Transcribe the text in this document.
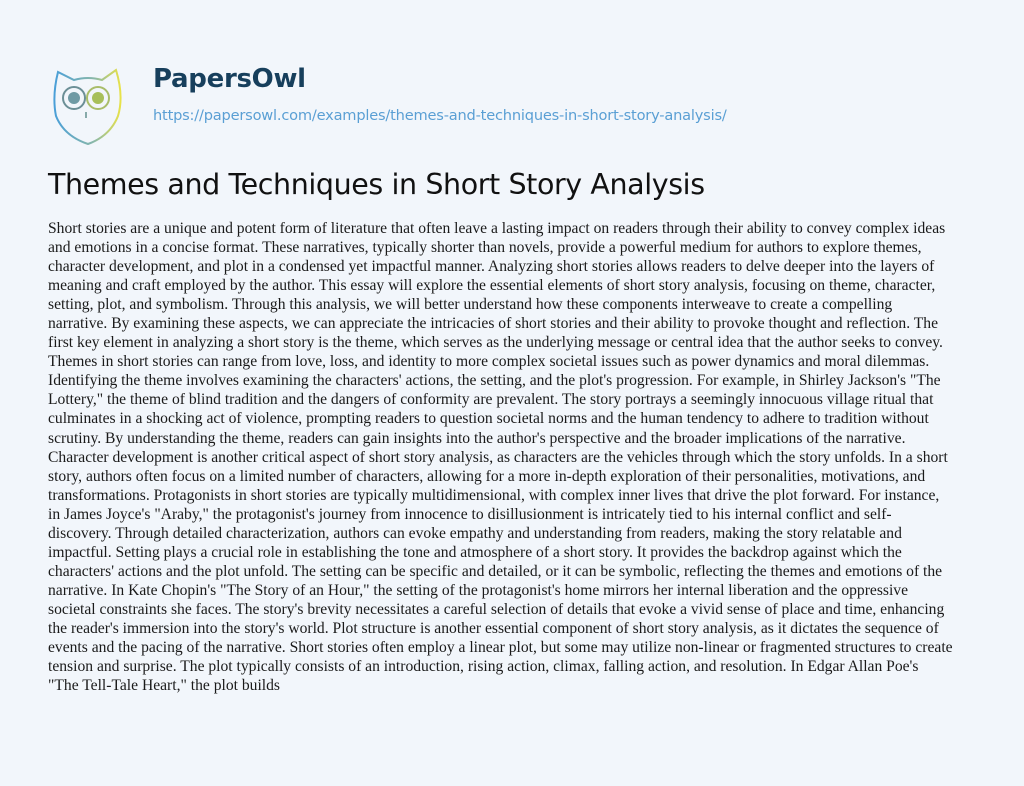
PapersOwl
https://papersowl.com/examples/themes-and-techniques-in-short-story-analysis/
Themes and Techniques in Short Story Analysis
Short stories are a unique and potent form of literature that often leave a lasting impact on readers through their ability to convey complex ideas
and emotions in a concise format. These narratives, typically shorter than novels, provide a powerful medium for authors to explore themes,
character development, and plot in a condensed yet impactful manner. Analyzing short stories allows readers to delve deeper into the layers of
meaning and craft employed by the author. This essay will explore the essential elements of short story analysis, focusing on theme, character,
setting, plot, and symbolism. Through this analysis, we will better understand how these components interweave to create a compelling
narrative. By examining these aspects, we can appreciate the intricacies of short stories and their ability to provoke thought and reflection. The
first key element in analyzing a short story is the theme, which serves as the underlying message or central idea that the author seeks to convey.
Themes in short stories can range from love, loss, and identity to more complex societal issues such as power dynamics and moral dilemmas.
Identifying the theme involves examining the characters' actions, the setting, and the plot's progression. For example, in Shirley Jackson's "The
Lottery," the theme of blind tradition and the dangers of conformity are prevalent. The story portrays a seemingly innocuous village ritual that
culminates in a shocking act of violence, prompting readers to question societal norms and the human tendency to adhere to tradition without
scrutiny. By understanding the theme, readers can gain insights into the author's perspective and the broader implications of the narrative.
Character development is another critical aspect of short story analysis, as characters are the vehicles through which the story unfolds. In a short
story, authors often focus on a limited number of characters, allowing for a more in-depth exploration of their personalities, motivations, and
transformations. Protagonists in short stories are typically multidimensional, with complex inner lives that drive the plot forward. For instance,
in James Joyce's "Araby," the protagonist's journey from innocence to disillusionment is intricately tied to his internal conflict and self-
discovery. Through detailed characterization, authors can evoke empathy and understanding from readers, making the story relatable and
impactful. Setting plays a crucial role in establishing the tone and atmosphere of a short story. It provides the backdrop against which the
characters' actions and the plot unfold. The setting can be specific and detailed, or it can be symbolic, reflecting the themes and emotions of the
narrative. In Kate Chopin's "The Story of an Hour," the setting of the protagonist's home mirrors her internal liberation and the oppressive
societal constraints she faces. The story's brevity necessitates a careful selection of details that evoke a vivid sense of place and time, enhancing
the reader's immersion into the story's world. Plot structure is another essential component of short story analysis, as it dictates the sequence of
events and the pacing of the narrative. Short stories often employ a linear plot, but some may utilize non-linear or fragmented structures to create
tension and surprise. The plot typically consists of an introduction, rising action, climax, falling action, and resolution. In Edgar Allan Poe's
"The Tell-Tale Heart," the plot builds
